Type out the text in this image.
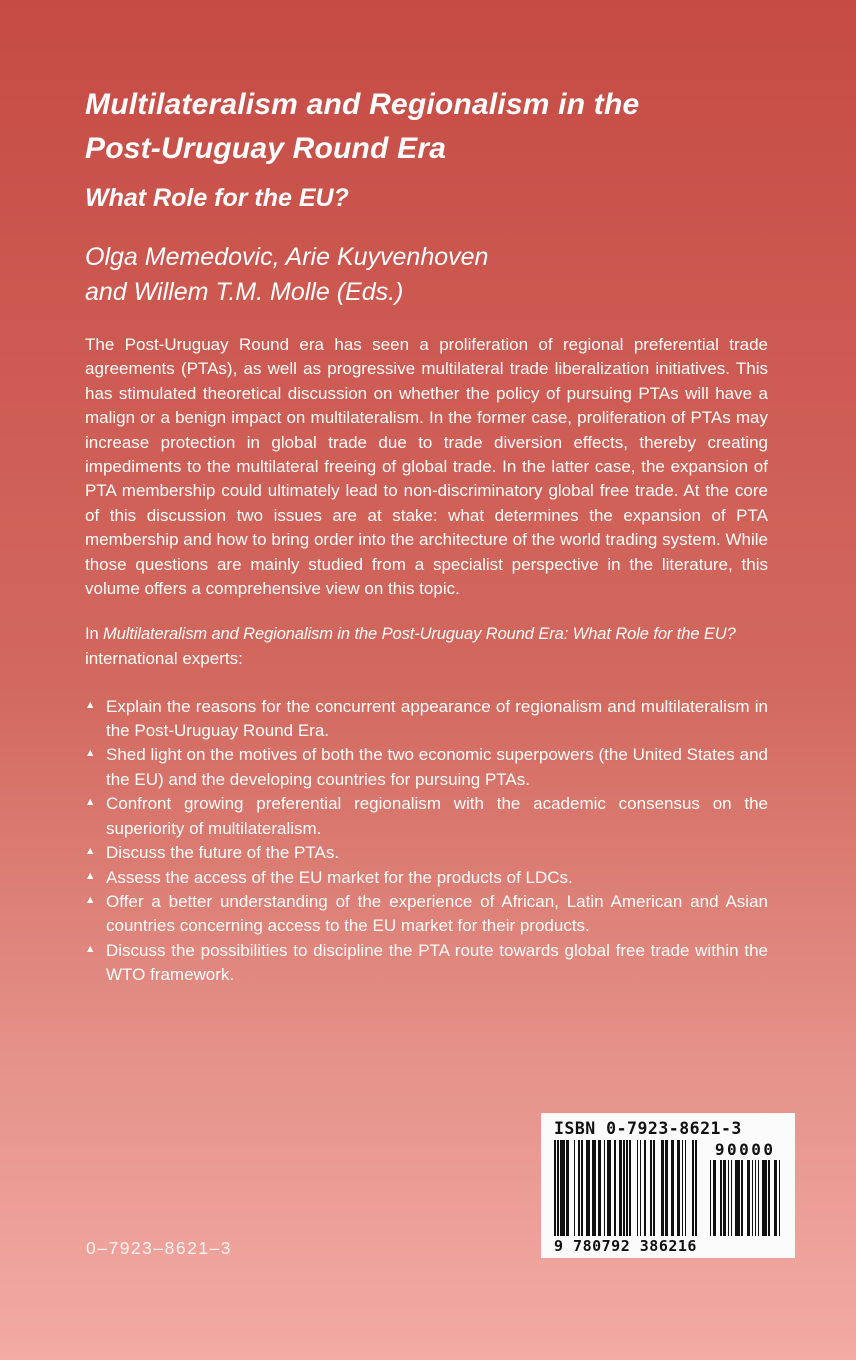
Multilateralism and Regionalism in the
Post-Uruguay Round Era
What Role for the EU?
Olga Memedovic, Arie Kuyvenhoven
and Willem T.M. Molle (Eds.)

The Post-Uruguay Round era has seen a proliferation of regional preferential trade agreements (PTAs), as well as progressive multilateral trade liberalization initiatives. This has stimulated theoretical discussion on whether the policy of pursuing PTAs will have a malign or a benign impact on multilateralism. In the former case, proliferation of PTAs may increase protection in global trade due to trade diversion effects, thereby creating impediments to the multilateral freeing of global trade. In the latter case, the expansion of PTA membership could ultimately lead to non-discriminatory global free trade. At the core of this discussion two issues are at stake: what determines the expansion of PTA membership and how to bring order into the architecture of the world trading system. While those questions are mainly studied from a specialist perspective in the literature, this volume offers a comprehensive view on this topic.

In Multilateralism and Regionalism in the Post-Uruguay Round Era: What Role for the EU?
international experts:

▲ Explain the reasons for the concurrent appearance of regionalism and multilateralism in the Post-Uruguay Round Era.
▲ Shed light on the motives of both the two economic superpowers (the United States and the EU) and the developing countries for pursuing PTAs.
▲ Confront growing preferential regionalism with the academic consensus on the superiority of multilateralism.
▲ Discuss the future of the PTAs.
▲ Assess the access of the EU market for the products of LDCs.
▲ Offer a better understanding of the experience of African, Latin American and Asian countries concerning access to the EU market for their products.
▲ Discuss the possibilities to discipline the PTA route towards global free trade within the WTO framework.
0–7923–8621–3
ISBN 0-7923-8621-3
9 780792 386216
90000
